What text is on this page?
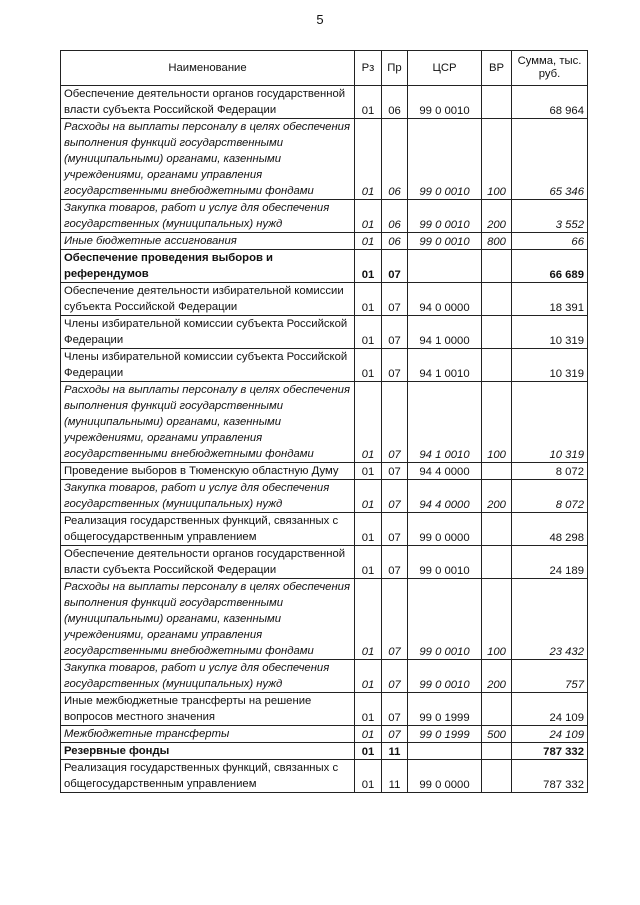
5
Наименование	Рз	Пр	ЦСР	ВР	Сумма, тыс. руб.
Обеспечение деятельности органов государственной власти субъекта Российской Федерации	01	06	99 0 0010		68 964
Расходы на выплаты персоналу в целях обеспечения выполнения функций государственными (муниципальными) органами, казенными учреждениями, органами управления государственными внебюджетными фондами	01	06	99 0 0010	100	65 346
Закупка товаров, работ и услуг для обеспечения государственных (муниципальных) нужд	01	06	99 0 0010	200	3 552
Иные бюджетные ассигнования	01	06	99 0 0010	800	66
Обеспечение проведения выборов и референдумов	01	07			66 689
Обеспечение деятельности избирательной комиссии субъекта Российской Федерации	01	07	94 0 0000		18 391
Члены избирательной комиссии субъекта Российской Федерации	01	07	94 1 0000		10 319
Члены избирательной комиссии субъекта Российской Федерации	01	07	94 1 0010		10 319
Расходы на выплаты персоналу в целях обеспечения выполнения функций государственными (муниципальными) органами, казенными учреждениями, органами управления государственными внебюджетными фондами	01	07	94 1 0010	100	10 319
Проведение выборов в Тюменскую областную Думу	01	07	94 4 0000		8 072
Закупка товаров, работ и услуг для обеспечения государственных (муниципальных) нужд	01	07	94 4 0000	200	8 072
Реализация государственных функций, связанных с общегосударственным управлением	01	07	99 0 0000		48 298
Обеспечение деятельности органов государственной власти субъекта Российской Федерации	01	07	99 0 0010		24 189
Расходы на выплаты персоналу в целях обеспечения выполнения функций государственными (муниципальными) органами, казенными учреждениями, органами управления государственными внебюджетными фондами	01	07	99 0 0010	100	23 432
Закупка товаров, работ и услуг для обеспечения государственных (муниципальных) нужд	01	07	99 0 0010	200	757
Иные межбюджетные трансферты на решение вопросов местного значения	01	07	99 0 1999		24 109
Межбюджетные трансферты	01	07	99 0 1999	500	24 109
Резервные фонды	01	11			787 332
Реализация государственных функций, связанных с общегосударственным управлением	01	11	99 0 0000		787 332
